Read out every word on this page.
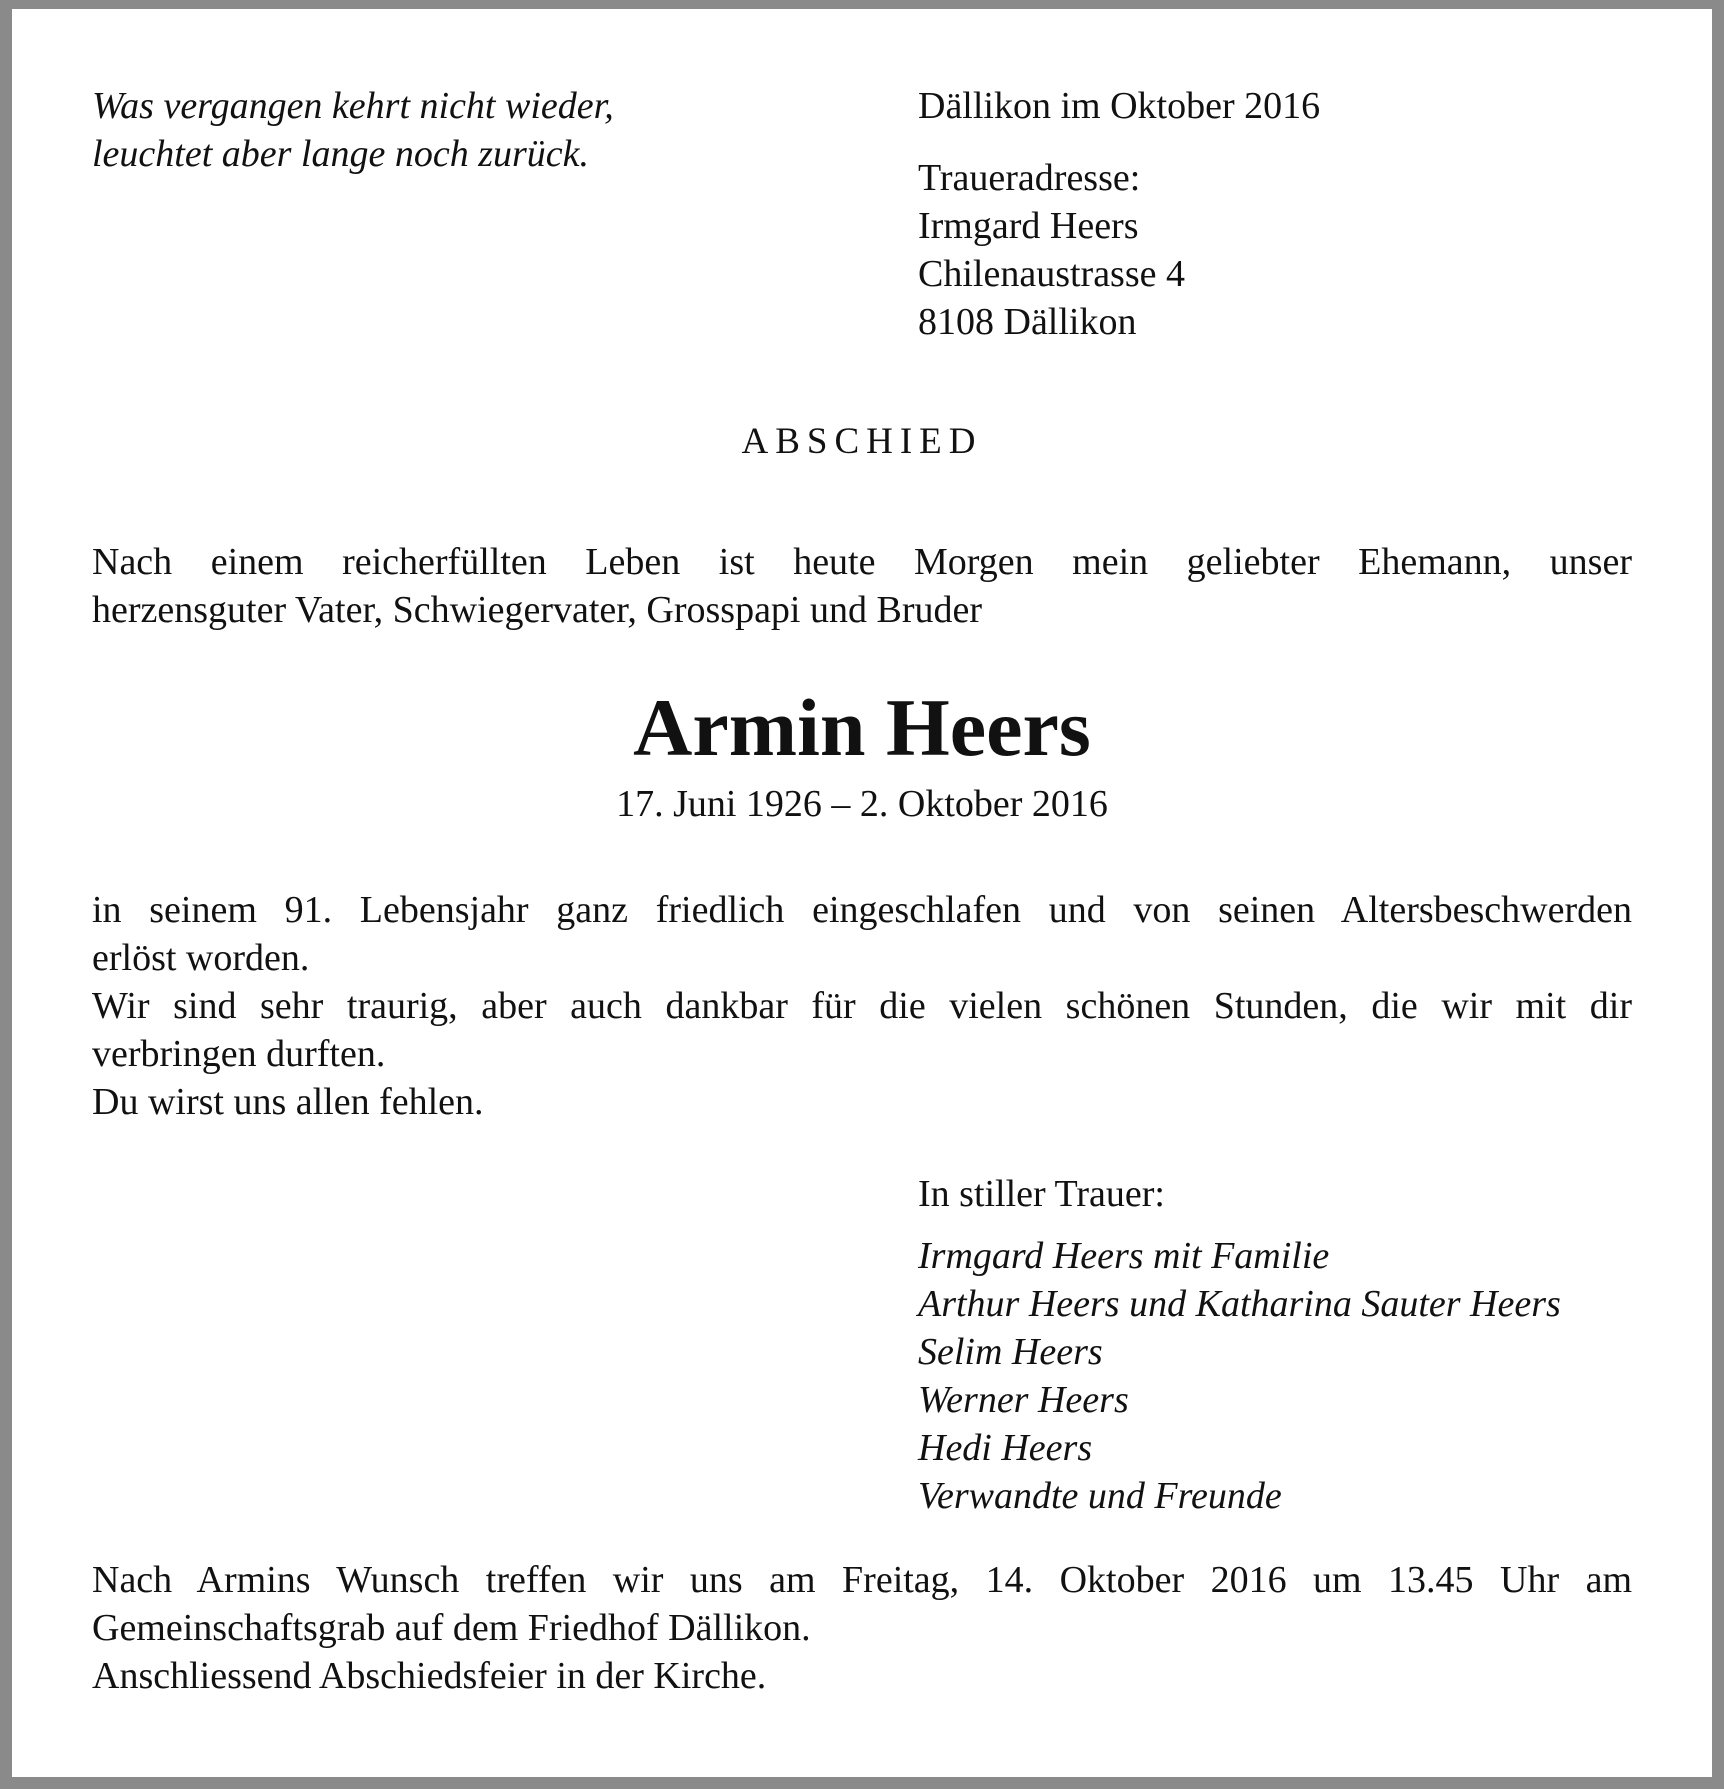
Was vergangen kehrt nicht wieder,
leuchtet aber lange noch zurück.
Dällikon im Oktober 2016
Traueradresse:
Irmgard Heers
Chilenaustrasse 4
8108 Dällikon
ABSCHIED
Nach einem reicherfüllten Leben ist heute Morgen mein geliebter Ehemann, unser
herzensguter Vater, Schwiegervater, Grosspapi und Bruder
Armin Heers
17. Juni 1926 – 2. Oktober 2016
in seinem 91. Lebensjahr ganz friedlich eingeschlafen und von seinen Altersbeschwerden
erlöst worden.
Wir sind sehr traurig, aber auch dankbar für die vielen schönen Stunden, die wir mit dir
verbringen durften.
Du wirst uns allen fehlen.
In stiller Trauer:
Irmgard Heers mit Familie
Arthur Heers und Katharina Sauter Heers
Selim Heers
Werner Heers
Hedi Heers
Verwandte und Freunde
Nach Armins Wunsch treffen wir uns am Freitag, 14. Oktober 2016 um 13.45 Uhr am
Gemeinschaftsgrab auf dem Friedhof Dällikon.
Anschliessend Abschiedsfeier in der Kirche.
